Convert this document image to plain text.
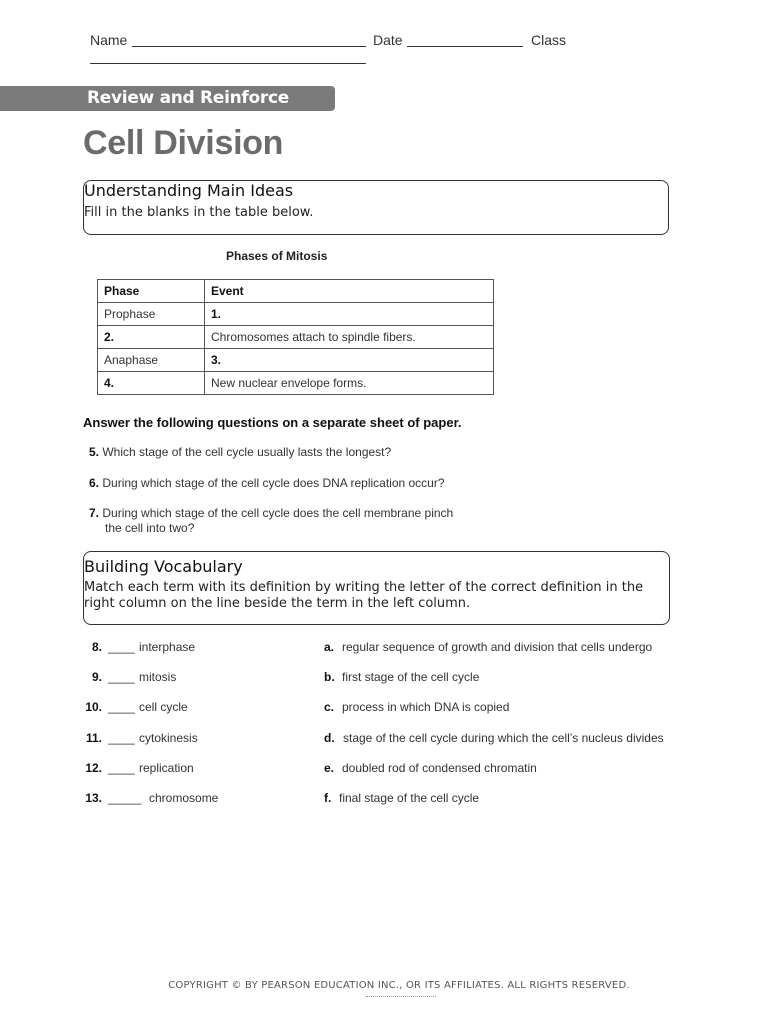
Name	Date	Class
Review and Reinforce
Cell Division
Understanding Main Ideas
Fill in the blanks in the table below.
Phases of Mitosis
Phase	Event
Prophase	1.
2.	Chromosomes attach to spindle fibers.
Anaphase	3.
4.	New nuclear envelope forms.
Answer the following questions on a separate sheet of paper.
5. Which stage of the cell cycle usually lasts the longest?
6. During which stage of the cell cycle does DNA replication occur?
7. During which stage of the cell cycle does the cell membrane pinch
the cell into two?
Building Vocabulary
Match each term with its definition by writing the letter of the correct definition in the
right column on the line beside the term in the left column.
8. ____ interphase	a. regular sequence of growth and division that cells undergo
9. ____ mitosis	b. first stage of the cell cycle
10. ____ cell cycle	c. process in which DNA is copied
11. ____ cytokinesis	d. stage of the cell cycle during which the cell’s nucleus divides
12. ____ replication	e. doubled rod of condensed chromatin
13. _____ chromosome	f. final stage of the cell cycle
COPYRIGHT © BY PEARSON EDUCATION INC., OR ITS AFFILIATES. ALL RIGHTS RESERVED.
